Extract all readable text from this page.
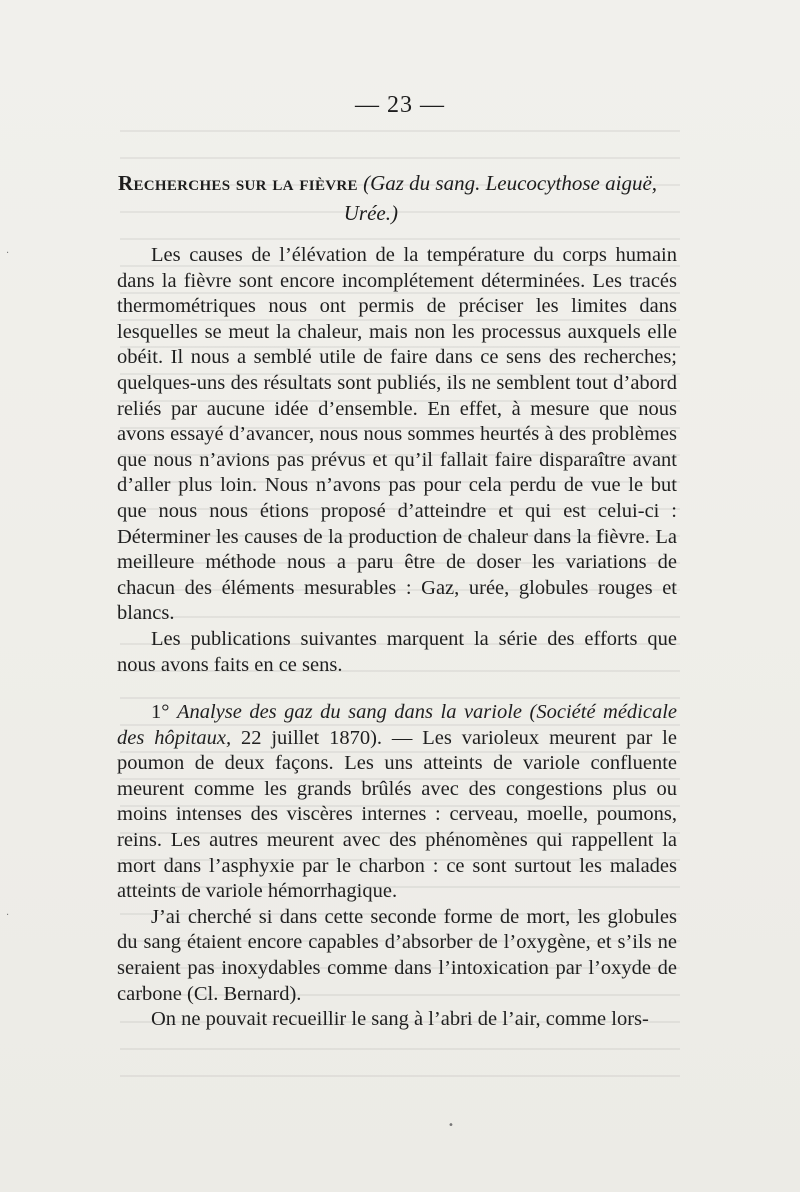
— 23 —
Recherches sur la fièvre (Gaz du sang. Leucocythose aiguë,
Urée.)

Les causes de l’élévation de la température du corps humain dans la fièvre sont encore incomplétement déterminées. Les tracés thermométriques nous ont permis de préciser les limites dans lesquelles se meut la chaleur, mais non les processus auxquels elle obéit. Il nous a semblé utile de faire dans ce sens des recherches; quelques-uns des résultats sont publiés, ils ne semblent tout d’abord reliés par aucune idée d’ensemble. En effet, à mesure que nous avons essayé d’avancer, nous nous sommes heurtés à des problèmes que nous n’avions pas prévus et qu’il fallait faire disparaître avant d’aller plus loin. Nous n’avons pas pour cela perdu de vue le but que nous nous étions proposé d’atteindre et qui est celui-ci : Déterminer les causes de la production de chaleur dans la fièvre. La meilleure méthode nous a paru être de doser les variations de chacun des éléments mesurables : Gaz, urée, globules rouges et blancs.

Les publications suivantes marquent la série des efforts que nous avons faits en ce sens.

1° Analyse des gaz du sang dans la variole (Société médicale des hôpitaux, 22 juillet 1870). — Les varioleux meurent par le poumon de deux façons. Les uns atteints de variole confluente meurent comme les grands brûlés avec des congestions plus ou moins intenses des viscères internes : cerveau, moelle, poumons, reins. Les autres meurent avec des phénomènes qui rappellent la mort dans l’asphyxie par le charbon : ce sont surtout les malades atteints de variole hémorrhagique.

J’ai cherché si dans cette seconde forme de mort, les globules du sang étaient encore capables d’absorber de l’oxygène, et s’ils ne seraient pas inoxydables comme dans l’intoxication par l’oxyde de carbone (Cl. Bernard).

On ne pouvait recueillir le sang à l’abri de l’air, comme lors-

·
·
•
